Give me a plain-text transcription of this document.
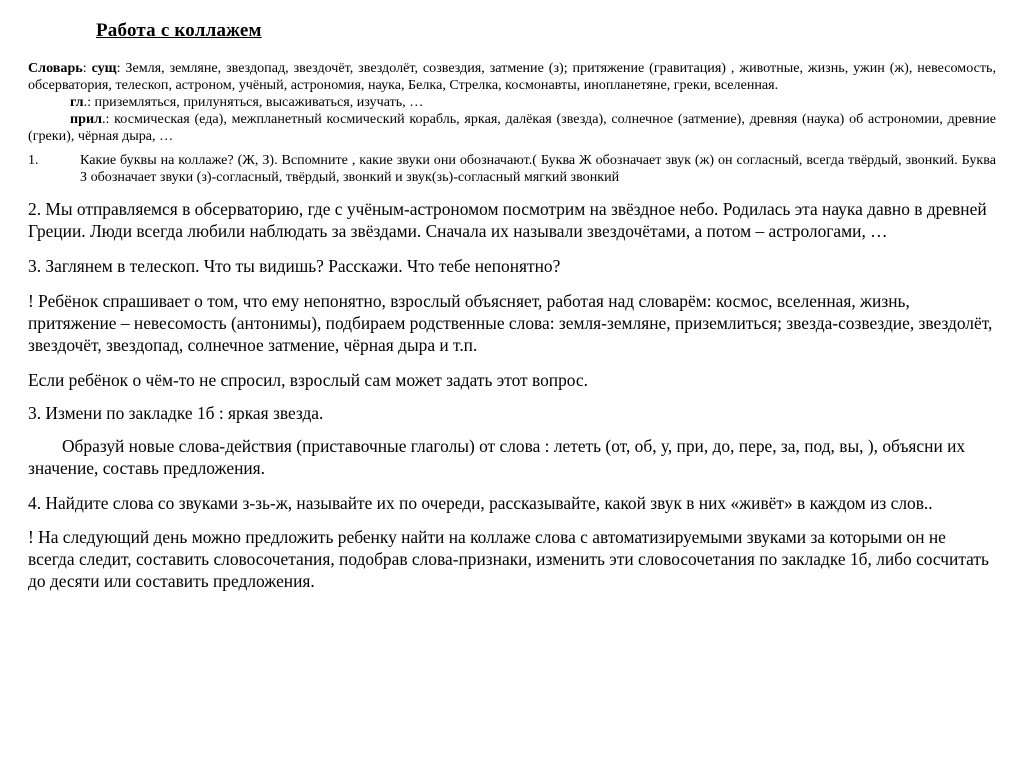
Работа с коллажем

Словарь: сущ: Земля, земляне, звездопад, звездочёт, звездолёт, созвездия, затмение (з); притяжение (гравитация) , животные, жизнь, ужин (ж), невесомость, обсерватория, телескоп, астроном, учёный, астрономия, наука, Белка, Стрелка, космонавты, инопланетяне, греки, вселенная.

гл.: приземляться, прилуняться, высаживаться, изучать, …

прил.: космическая (еда), межпланетный космический корабль, яркая, далёкая (звезда), солнечное (затмение), древняя (наука) об астрономии, древние (греки), чёрная дыра, …

1.	Какие буквы на коллаже? (Ж, З). Вспомните , какие звуки они обозначают.( Буква Ж обозначает звук (ж) он согласный, всегда твёрдый, звонкий. Буква З обозначает звуки (з)-согласный, твёрдый, звонкий и звук(зь)-согласный мягкий звонкий

2. Мы отправляемся в обсерваторию, где с учёным-астрономом посмотрим на звёздное небо. Родилась эта наука давно в древней Греции. Люди всегда любили наблюдать за звёздами. Сначала их называли звездочётами, а потом – астрологами, …

3. Заглянем в телескоп. Что ты видишь? Расскажи. Что тебе непонятно?

! Ребёнок спрашивает о том, что ему непонятно, взрослый объясняет, работая над словарём: космос, вселенная, жизнь, притяжение – невесомость (антонимы), подбираем родственные слова: земля-земляне, приземлиться; звезда-созвездие, звездолёт, звездочёт, звездопад, солнечное затмение, чёрная дыра и т.п.

Если ребёнок о чём-то не спросил, взрослый сам может задать этот вопрос.

3. Измени по закладке 1б : яркая звезда.

Образуй новые слова-действия (приставочные глаголы) от слова : лететь (от, об, у, при, до, пере, за, под, вы, ), объясни их значение, составь предложения.

4. Найдите слова со звуками з-зь-ж, называйте их по очереди, рассказывайте, какой звук в них «живёт» в каждом из слов..

! На следующий день можно предложить ребенку найти на коллаже слова с автоматизируемыми звуками за которыми он не всегда следит, составить словосочетания, подобрав слова-признаки, изменить эти словосочетания по закладке 1б, либо сосчитать до десяти или составить предложения.
